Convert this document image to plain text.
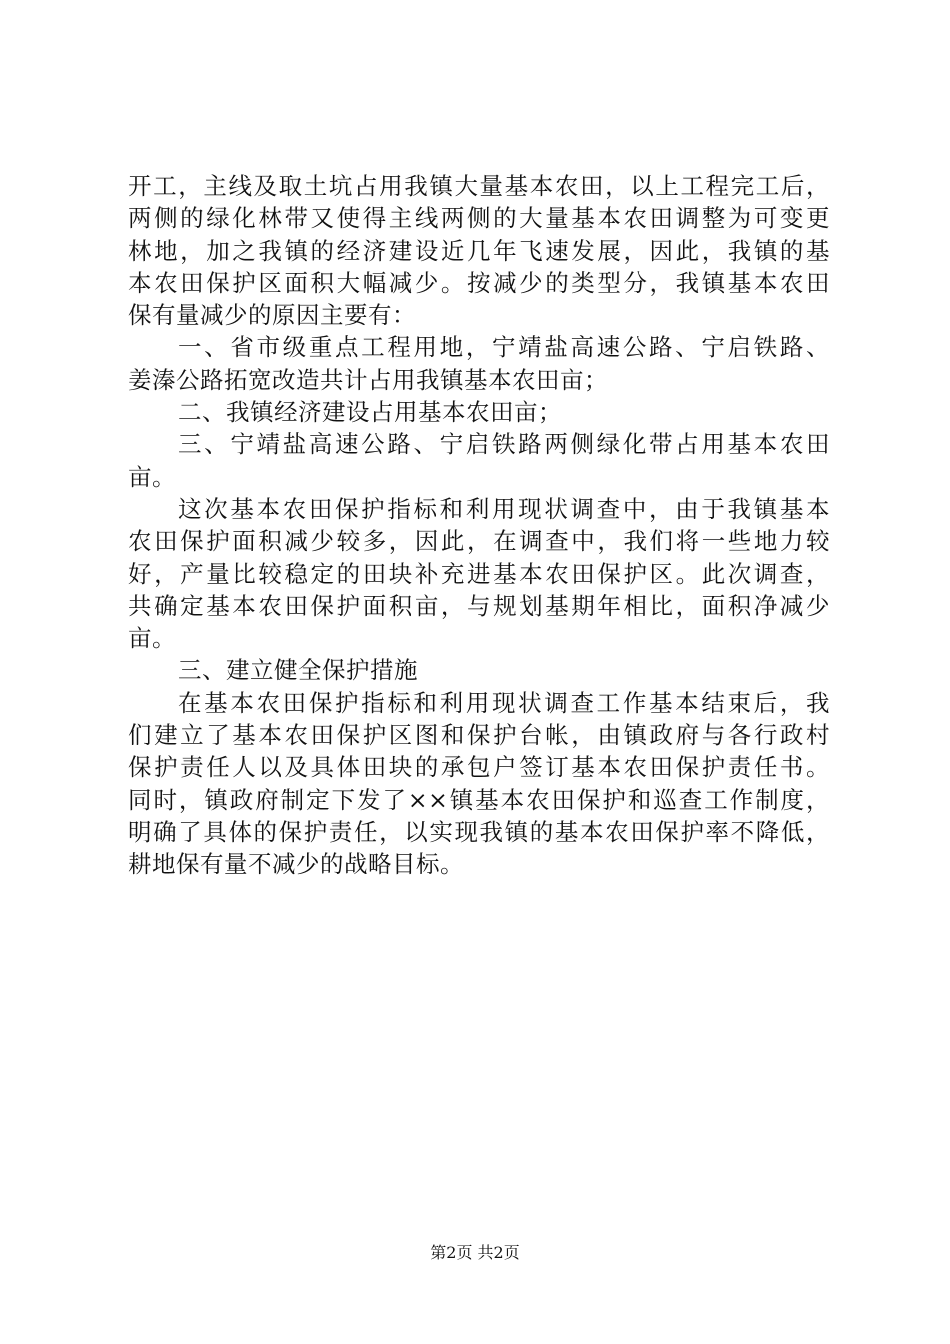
开工，主线及取土坑占用我镇大量基本农田，以上工程完工后，
两侧的绿化林带又使得主线两侧的大量基本农田调整为可变更
林地，加之我镇的经济建设近几年飞速发展，因此，我镇的基
本农田保护区面积大幅减少。按减少的类型分，我镇基本农田
保有量减少的原因主要有：
一、省市级重点工程用地，宁靖盐高速公路、宁启铁路、
姜溱公路拓宽改造共计占用我镇基本农田亩；
二、我镇经济建设占用基本农田亩；
三、宁靖盐高速公路、宁启铁路两侧绿化带占用基本农田
亩。
这次基本农田保护指标和利用现状调查中，由于我镇基本
农田保护面积减少较多，因此，在调查中，我们将一些地力较
好，产量比较稳定的田块补充进基本农田保护区。此次调查，
共确定基本农田保护面积亩，与规划基期年相比，面积净减少
亩。
三、建立健全保护措施
在基本农田保护指标和利用现状调查工作基本结束后，我
们建立了基本农田保护区图和保护台帐，由镇政府与各行政村
保护责任人以及具体田块的承包户签订基本农田保护责任书。
同时，镇政府制定下发了××镇基本农田保护和巡查工作制度，
明确了具体的保护责任，以实现我镇的基本农田保护率不降低，
耕地保有量不减少的战略目标。
第2页 共2页
